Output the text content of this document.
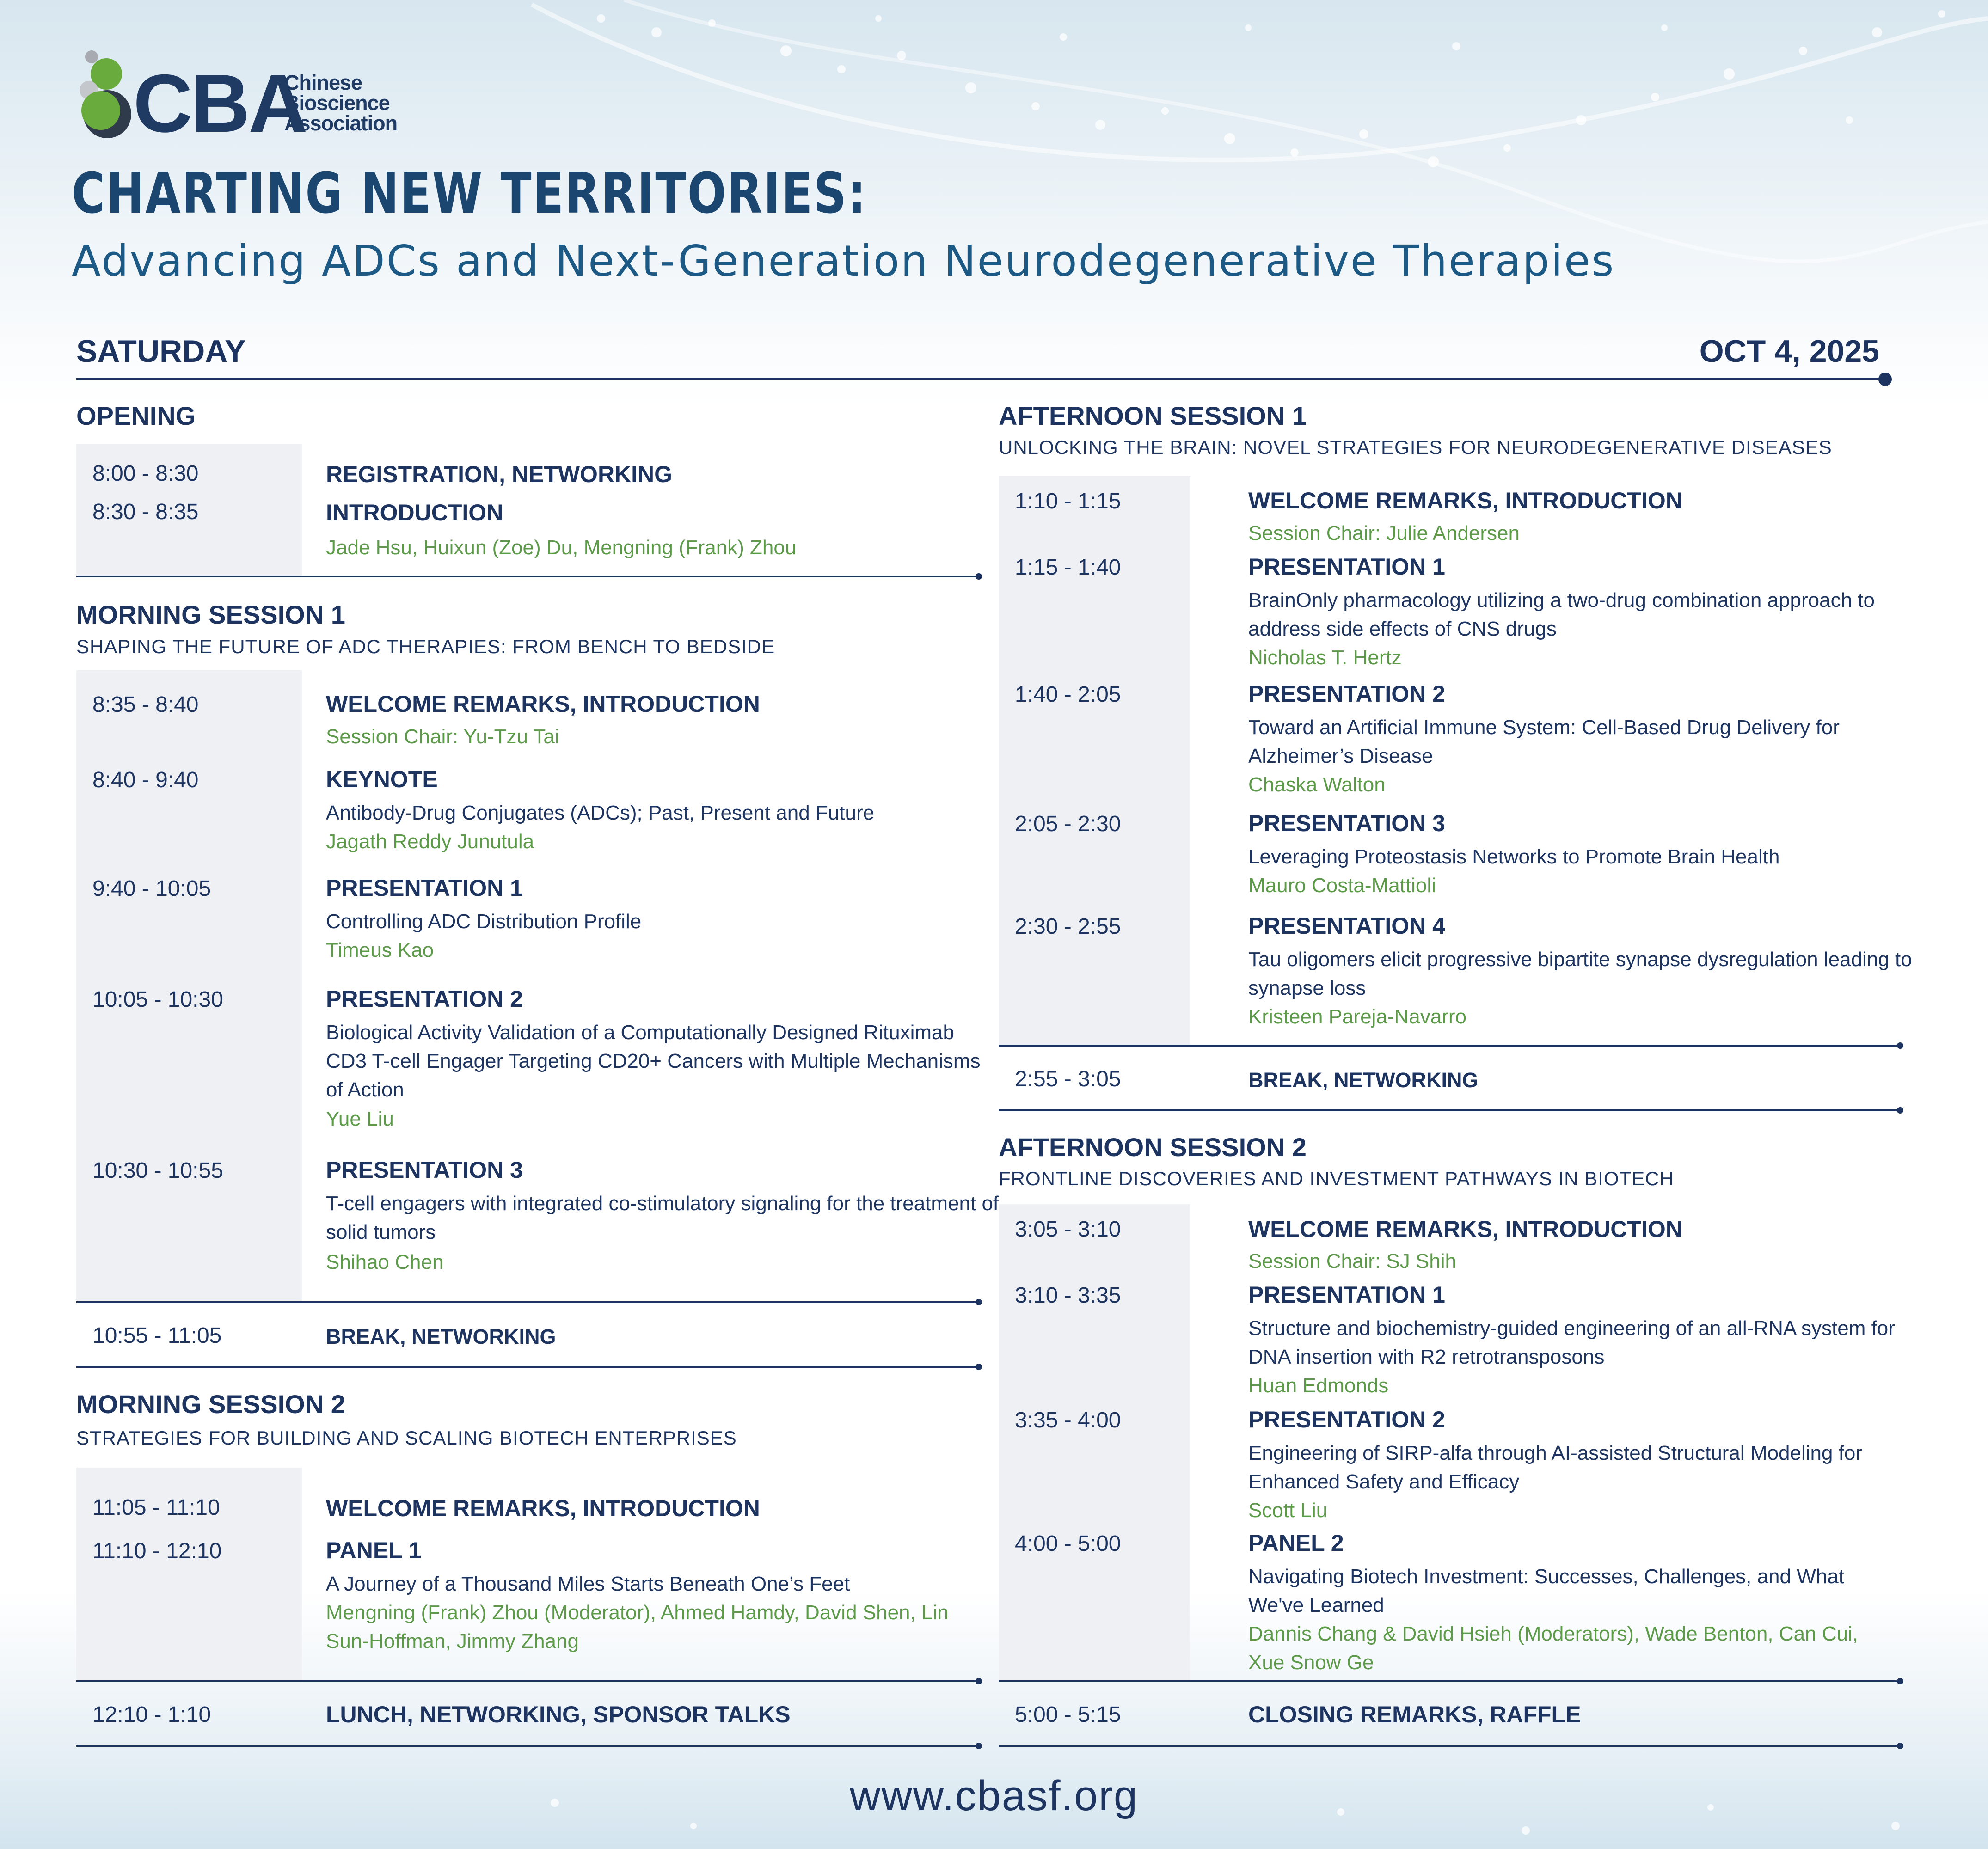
CBA
Chinese
Bioscience
Association
CHARTING NEW TERRITORIES:
Advancing ADCs and Next-Generation Neurodegenerative Therapies
SATURDAY	OCT 4, 2025
OPENING
8:00 - 8:30	REGISTRATION, NETWORKING
8:30 - 8:35	INTRODUCTION
Jade Hsu, Huixun (Zoe) Du, Mengning (Frank) Zhou
MORNING SESSION 1
SHAPING THE FUTURE OF ADC THERAPIES: FROM BENCH TO BEDSIDE
8:35 - 8:40	WELCOME REMARKS, INTRODUCTION
Session Chair: Yu-Tzu Tai
8:40 - 9:40	KEYNOTE
Antibody-Drug Conjugates (ADCs); Past, Present and Future
Jagath Reddy Junutula
9:40 - 10:05	PRESENTATION 1
Controlling ADC Distribution Profile
Timeus Kao
10:05 - 10:30	PRESENTATION 2
Biological Activity Validation of a Computationally Designed Rituximab CD3 T-cell Engager Targeting CD20+ Cancers with Multiple Mechanisms of Action
Yue Liu
10:30 - 10:55	PRESENTATION 3
T-cell engagers with integrated co-stimulatory signaling for the treatment of solid tumors
Shihao Chen
10:55 - 11:05	BREAK, NETWORKING
MORNING SESSION 2
STRATEGIES FOR BUILDING AND SCALING BIOTECH ENTERPRISES
11:05 - 11:10	WELCOME REMARKS, INTRODUCTION
11:10 - 12:10	PANEL 1
A Journey of a Thousand Miles Starts Beneath One’s Feet
Mengning (Frank) Zhou (Moderator), Ahmed Hamdy, David Shen, Lin Sun-Hoffman, Jimmy Zhang
12:10 - 1:10	LUNCH, NETWORKING, SPONSOR TALKS
AFTERNOON SESSION 1
UNLOCKING THE BRAIN: NOVEL STRATEGIES FOR NEURODEGENERATIVE DISEASES
1:10 - 1:15	WELCOME REMARKS, INTRODUCTION
Session Chair: Julie Andersen
1:15 - 1:40	PRESENTATION 1
BrainOnly pharmacology utilizing a two-drug combination approach to address side effects of CNS drugs
Nicholas T. Hertz
1:40 - 2:05	PRESENTATION 2
Toward an Artificial Immune System: Cell-Based Drug Delivery for Alzheimer’s Disease
Chaska Walton
2:05 - 2:30	PRESENTATION 3
Leveraging Proteostasis Networks to Promote Brain Health
Mauro Costa-Mattioli
2:30 - 2:55	PRESENTATION 4
Tau oligomers elicit progressive bipartite synapse dysregulation leading to synapse loss
Kristeen Pareja-Navarro
2:55 - 3:05	BREAK, NETWORKING
AFTERNOON SESSION 2
FRONTLINE DISCOVERIES AND INVESTMENT PATHWAYS IN BIOTECH
3:05 - 3:10	WELCOME REMARKS, INTRODUCTION
Session Chair: SJ Shih
3:10 - 3:35	PRESENTATION 1
Structure and biochemistry-guided engineering of an all-RNA system for DNA insertion with R2 retrotransposons
Huan Edmonds
3:35 - 4:00	PRESENTATION 2
Engineering of SIRP-alfa through AI-assisted Structural Modeling for Enhanced Safety and Efficacy
Scott Liu
4:00 - 5:00	PANEL 2
Navigating Biotech Investment: Successes, Challenges, and What We've Learned
Dannis Chang & David Hsieh (Moderators), Wade Benton, Can Cui, Xue Snow Ge
5:00 - 5:15	CLOSING REMARKS, RAFFLE
www.cbasf.org
